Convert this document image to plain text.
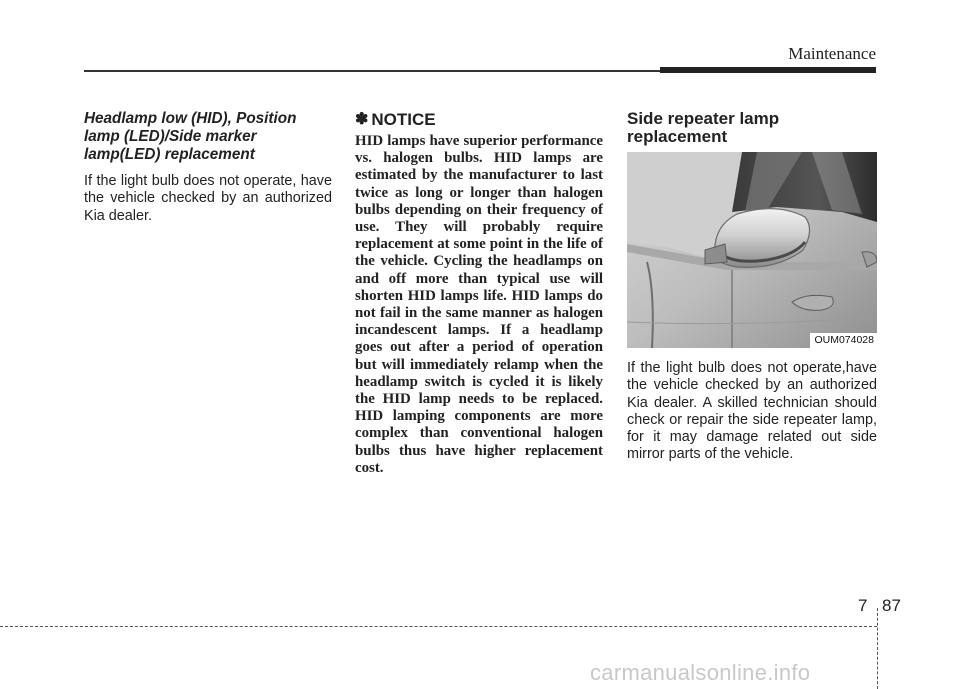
Maintenance

Headlamp low (HID), Position lamp (LED)/Side marker lamp(LED) replacement

If the light bulb does not operate, have the vehicle checked by an authorized Kia dealer.

✽ NOTICE

HID lamps have superior performance vs. halogen bulbs. HID lamps are estimated by the manufacturer to last twice as long or longer than halogen bulbs depending on their frequency of use. They will probably require replacement at some point in the life of the vehicle. Cycling the headlamps on and off more than typical use will shorten HID lamps life. HID lamps do not fail in the same manner as halogen incandescent lamps. If a headlamp goes out after a period of operation but will immediately relamp when the headlamp switch is cycled it is likely the HID lamp needs to be replaced. HID lamping components are more complex than conventional halogen bulbs thus have higher replacement cost.

Side repeater lamp replacement
OUM074028

If the light bulb does not operate,have the vehicle checked by an authorized Kia dealer. A skilled technician should check or repair the side repeater lamp, for it may damage related out side mirror parts of the vehicle.

7 87
carmanualsonline.info
